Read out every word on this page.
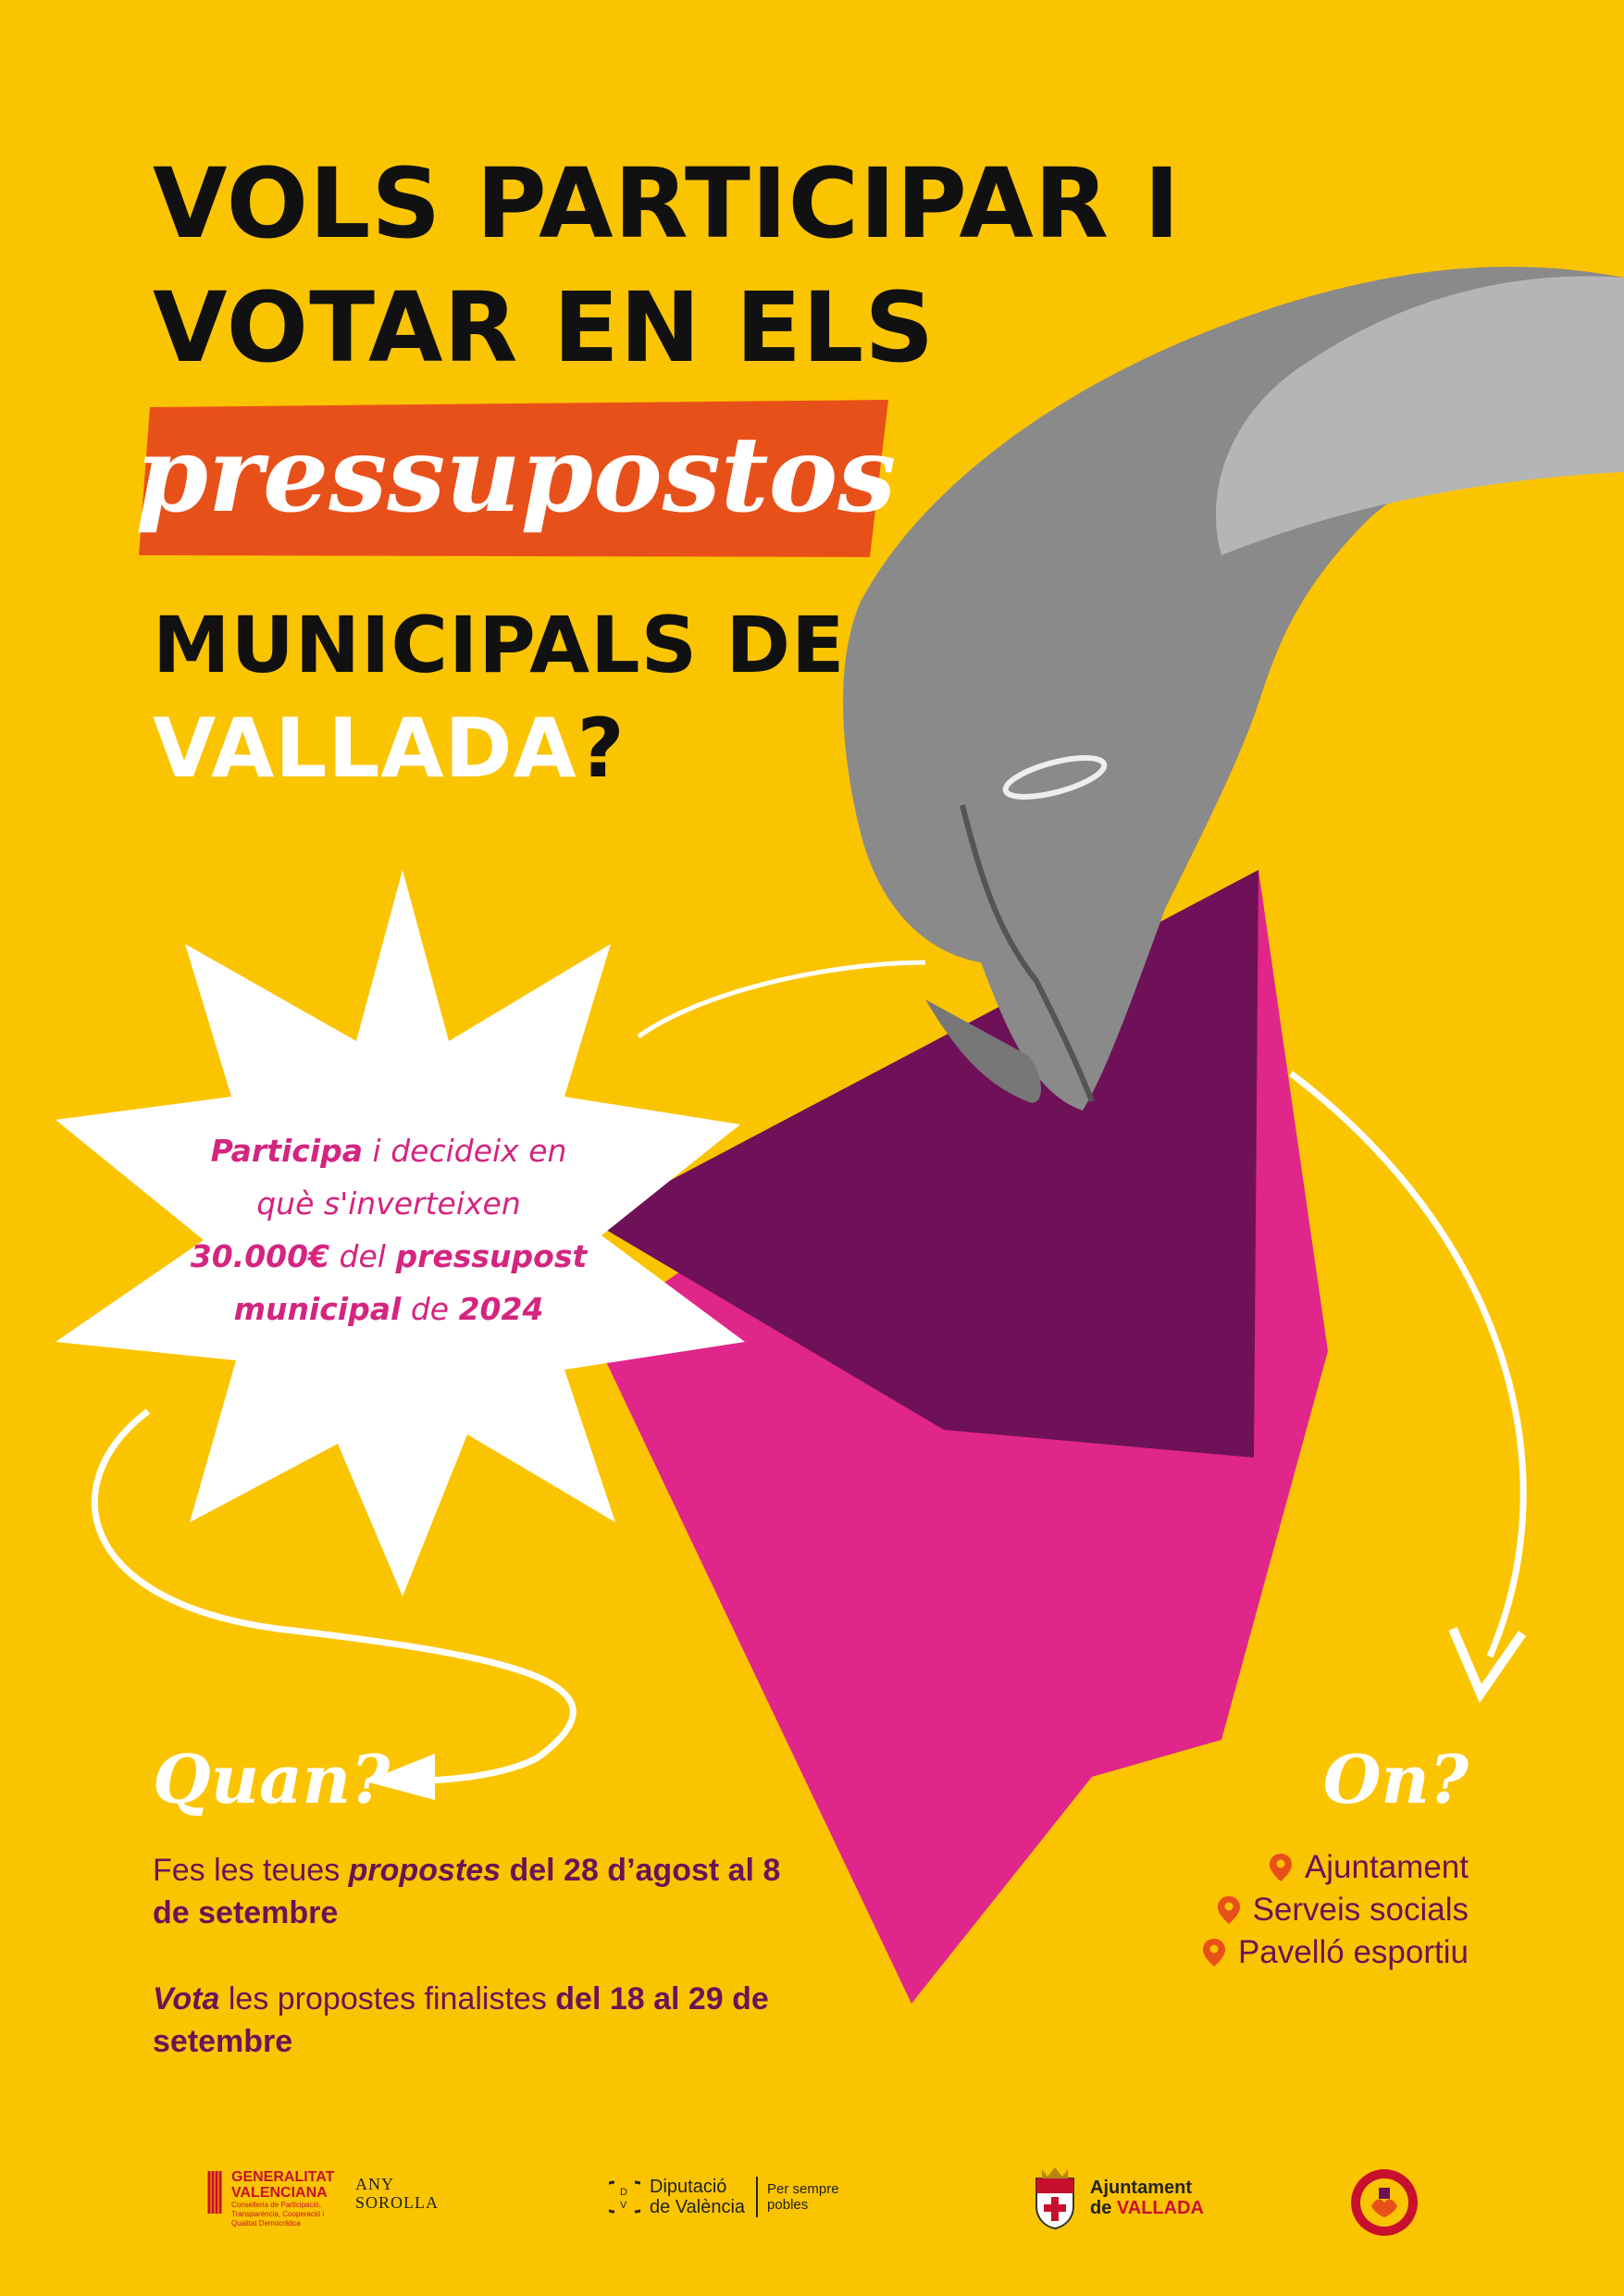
VOLS PARTICIPAR I
VOTAR EN ELS
pressupostos
MUNICIPALS DE
VALLADA?
Participa i decideix en
què s'inverteixen
30.000€ del pressupost
municipal de 2024
Quan?
Fes les teues propostes del 28 d’agost al 8 de setembre
Vota les propostes finalistes del 18 al 29 de setembre
On?
Ajuntament
Serveis socials
Pavelló esportiu
GENERALITAT
VALENCIANA
Conselleria de Participació, Transparència, Cooperació i Qualitat Democràtica
ANY
SOROLLA
D
V
Diputació
de València
Per sempre
pobles
Ajuntament
de VALLADA
